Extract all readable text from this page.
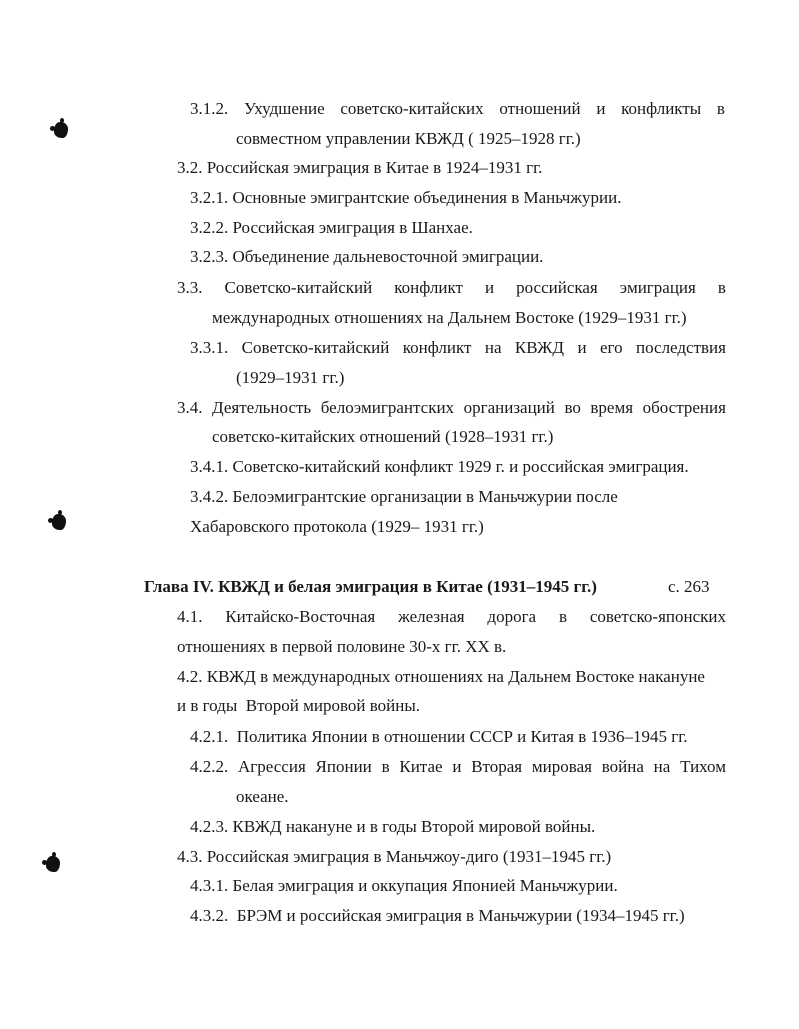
3.1.2. Ухудшение советско-китайских отношений и конфликты в
совместном управлении КВЖД ( 1925–1928 гг.)
3.2. Российская эмиграция в Китае в 1924–1931 гг.
3.2.1. Основные эмигрантские объединения в Маньчжурии.
3.2.2. Российская эмиграция в Шанхае.
3.2.3. Объединение дальневосточной эмиграции.
3.3. Советско-китайский конфликт и российская эмиграция в
международных отношениях на Дальнем Востоке (1929–1931 гг.)
3.3.1. Советско-китайский конфликт на КВЖД и его последствия
(1929–1931 гг.)
3.4. Деятельность белоэмигрантских организаций во время обострения
советско-китайских отношений (1928–1931 гг.)
3.4.1. Советско-китайский конфликт 1929 г. и российская эмиграция.
3.4.2. Белоэмигрантские организации в Маньчжурии после
Хабаровского протокола (1929– 1931 гг.)
Глава IV. КВЖД и белая эмиграция в Китае (1931–1945 гг.)	с. 263
4.1. Китайско-Восточная железная дорога в советско-японских
отношениях в первой половине 30-х гг. XX в.
4.2. КВЖД в международных отношениях на Дальнем Востоке накануне
и в годы  Второй мировой войны.
4.2.1.  Политика Японии в отношении СССР и Китая в 1936–1945 гг.
4.2.2. Агрессия Японии в Китае и Вторая мировая война на Тихом
океане.
4.2.3. КВЖД накануне и в годы Второй мировой войны.
4.3. Российская эмиграция в Маньчжоу-диго (1931–1945 гг.)
4.3.1. Белая эмиграция и оккупация Японией Маньчжурии.
4.3.2.  БРЭМ и российская эмиграция в Маньчжурии (1934–1945 гг.)
